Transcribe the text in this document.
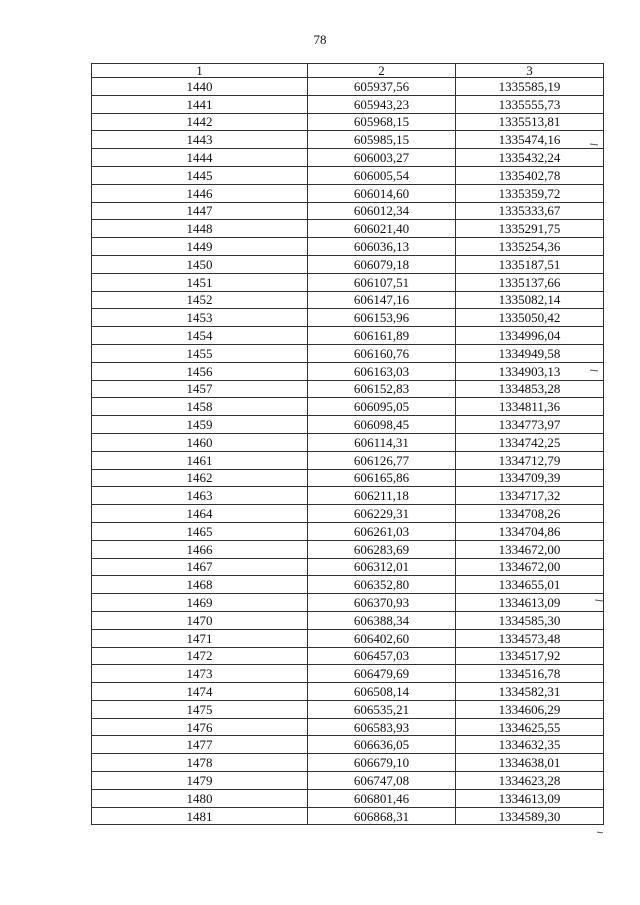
78
1	2	3
1440	605937,56	1335585,19
1441	605943,23	1335555,73
1442	605968,15	1335513,81
1443	605985,15	1335474,16
1444	606003,27	1335432,24
1445	606005,54	1335402,78
1446	606014,60	1335359,72
1447	606012,34	1335333,67
1448	606021,40	1335291,75
1449	606036,13	1335254,36
1450	606079,18	1335187,51
1451	606107,51	1335137,66
1452	606147,16	1335082,14
1453	606153,96	1335050,42
1454	606161,89	1334996,04
1455	606160,76	1334949,58
1456	606163,03	1334903,13
1457	606152,83	1334853,28
1458	606095,05	1334811,36
1459	606098,45	1334773,97
1460	606114,31	1334742,25
1461	606126,77	1334712,79
1462	606165,86	1334709,39
1463	606211,18	1334717,32
1464	606229,31	1334708,26
1465	606261,03	1334704,86
1466	606283,69	1334672,00
1467	606312,01	1334672,00
1468	606352,80	1334655,01
1469	606370,93	1334613,09
1470	606388,34	1334585,30
1471	606402,60	1334573,48
1472	606457,03	1334517,92
1473	606479,69	1334516,78
1474	606508,14	1334582,31
1475	606535,21	1334606,29
1476	606583,93	1334625,55
1477	606636,05	1334632,35
1478	606679,10	1334638,01
1479	606747,08	1334623,28
1480	606801,46	1334613,09
1481	606868,31	1334589,30
